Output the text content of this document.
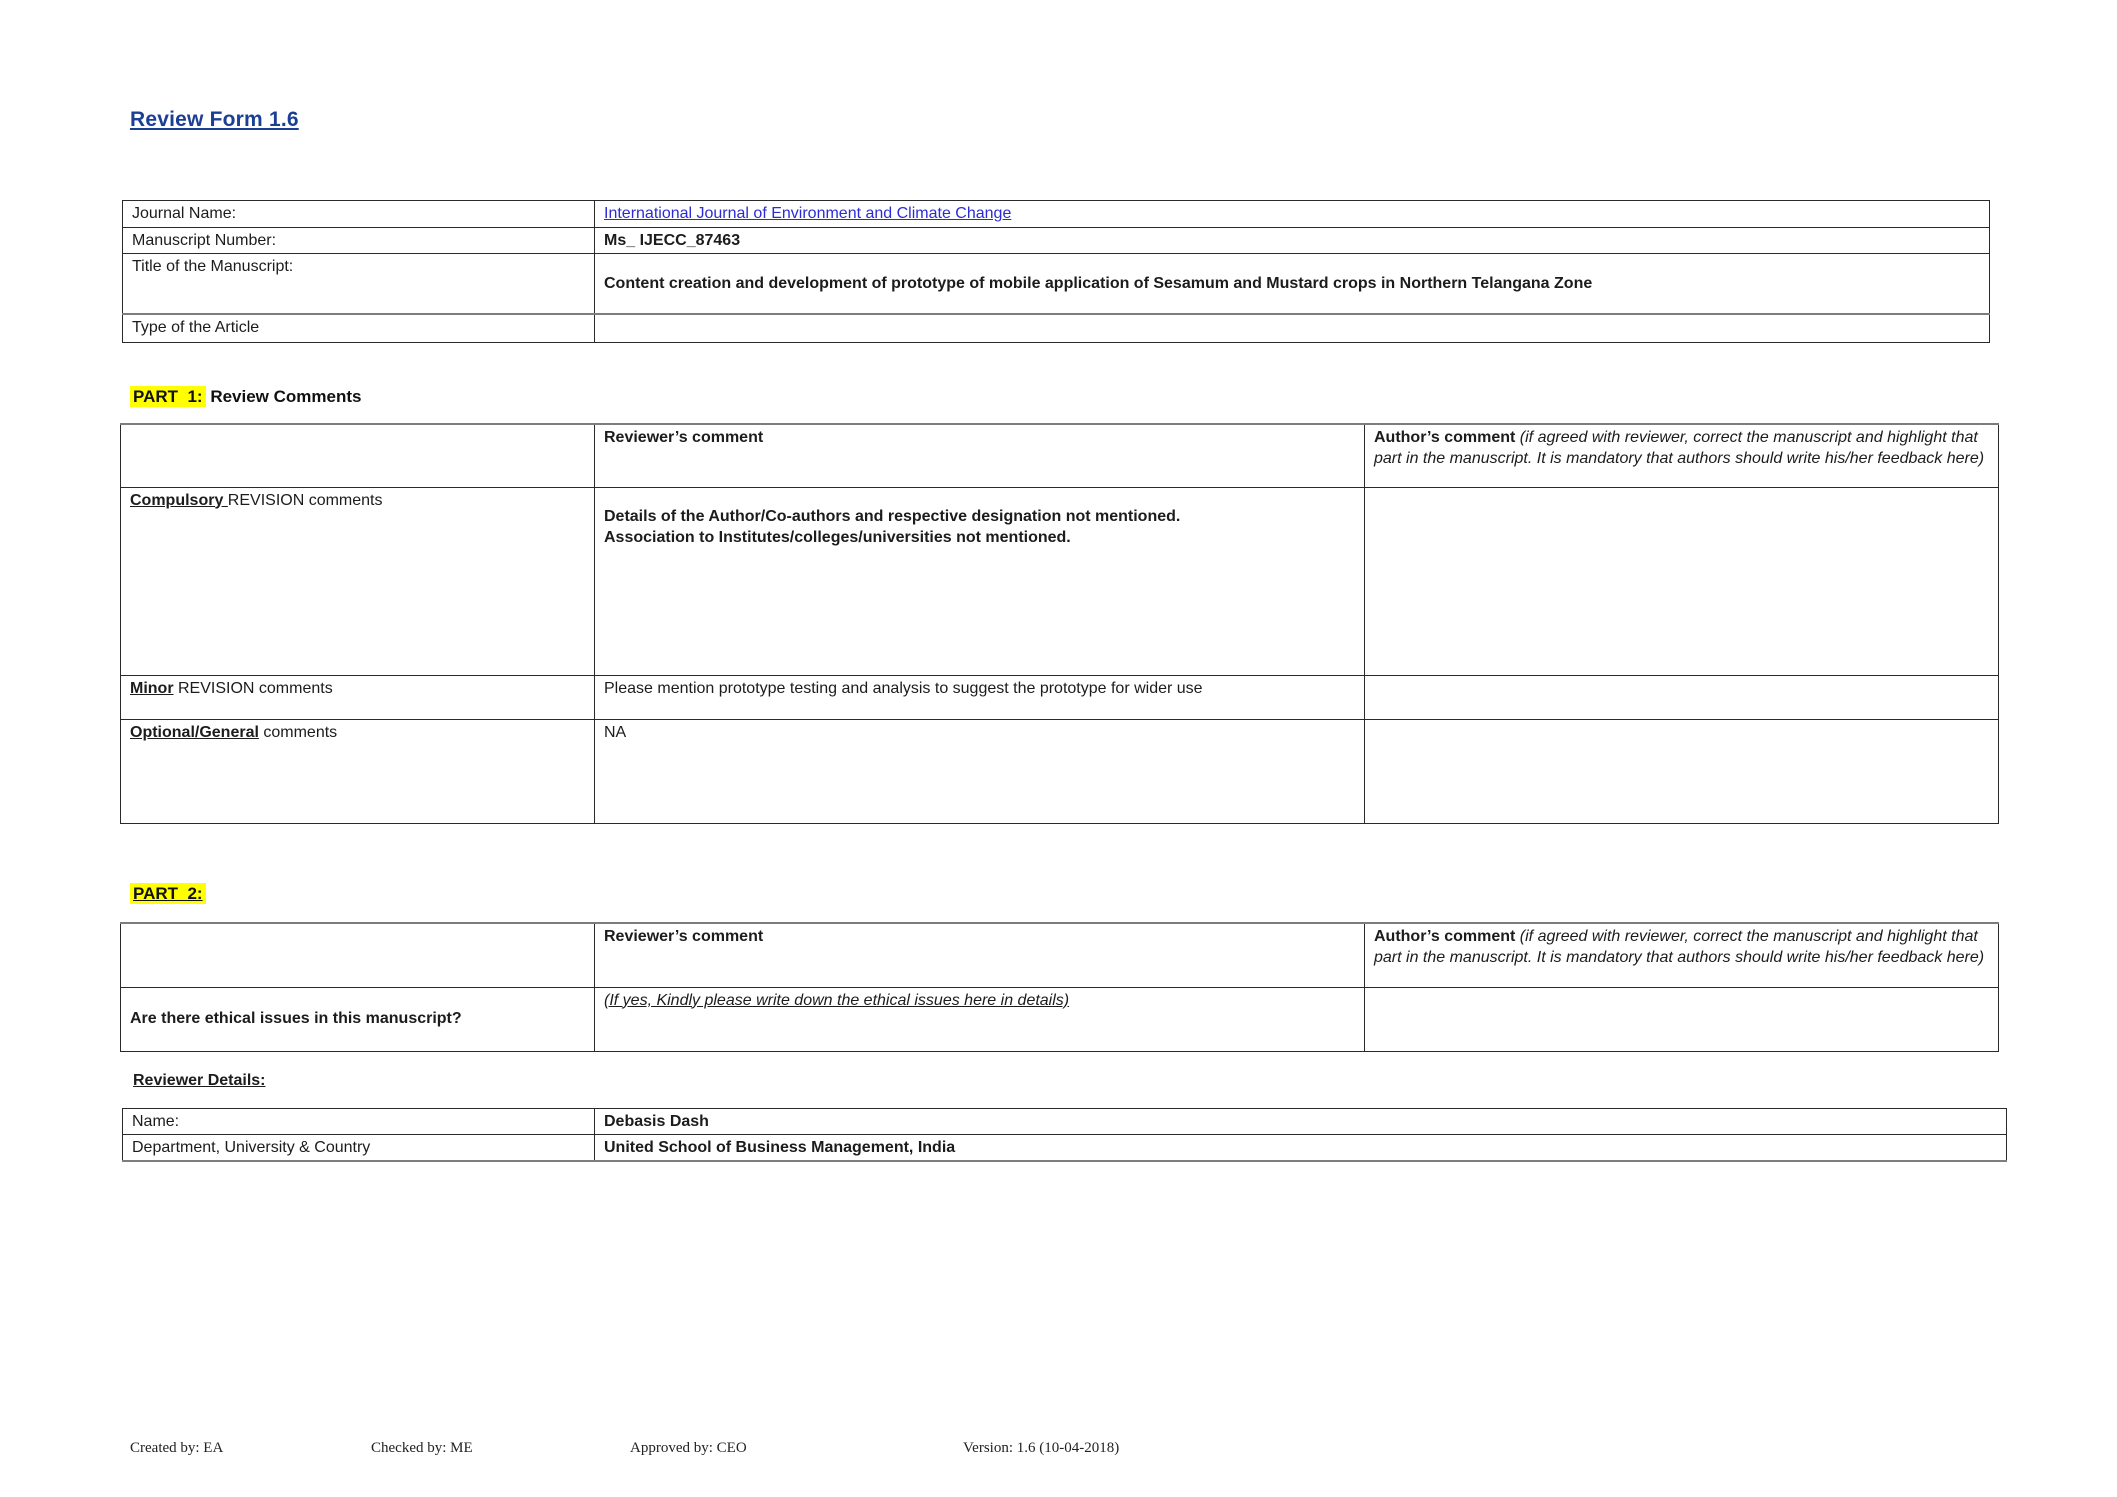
Review Form 1.6
Journal Name:	International Journal of Environment and Climate Change
Manuscript Number:	Ms_ IJECC_87463
Title of the Manuscript:	Content creation and development of prototype of mobile application of Sesamum and Mustard crops in Northern Telangana Zone
Type of the Article	
PART  1: Review Comments
	Reviewer’s comment	Author’s comment (if agreed with reviewer, correct the manuscript and highlight that part in the manuscript. It is mandatory that authors should write his/her feedback here)
Compulsory REVISION comments	Details of the Author/Co-authors and respective designation not mentioned.
Association to Institutes/colleges/universities not mentioned.	

Minor REVISION comments	Please mention prototype testing and analysis to suggest the prototype for wider use	
Optional/General comments	NA	
PART  2:
	Reviewer’s comment	Author’s comment (if agreed with reviewer, correct the manuscript and highlight that part in the manuscript. It is mandatory that authors should write his/her feedback here)
Are there ethical issues in this manuscript?	(If yes, Kindly please write down the ethical issues here in details)	
Reviewer Details:
Name:	Debasis Dash
Department, University & Country	United School of Business Management, India
Created by: EA	Checked by: ME	Approved by: CEO	Version: 1.6 (10-04-2018)
